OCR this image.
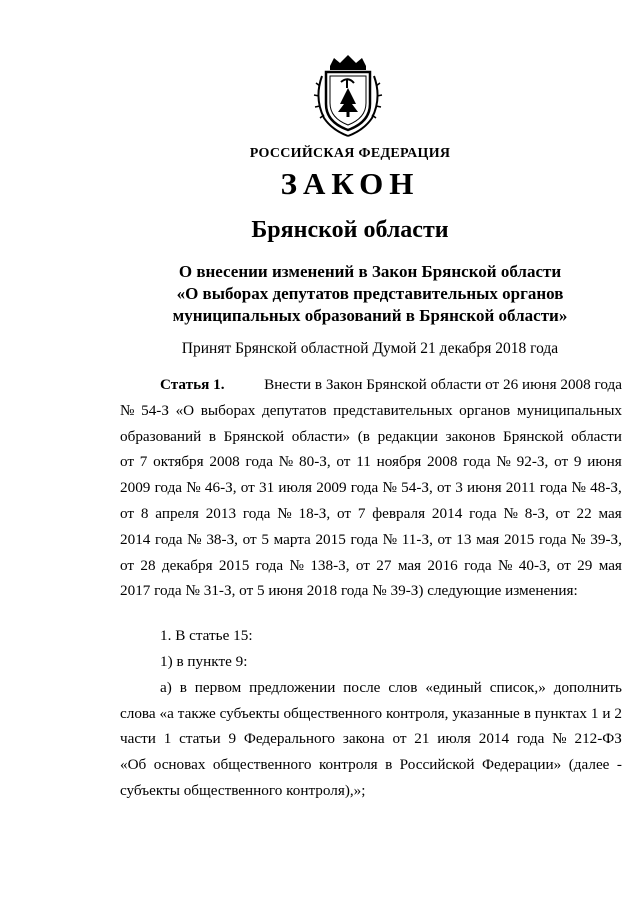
РОССИЙСКАЯ ФЕДЕРАЦИЯ
ЗАКОН
Брянской области
О внесении изменений в Закон Брянской области
«О выборах депутатов представительных органов
муниципальных образований в Брянской области»
Принят Брянской областной Думой 21 декабря 2018 года
Статья 1.	Внести в Закон Брянской области от 26 июня 2008 года
№ 54-З «О выборах депутатов представительных органов муниципальных
образований в Брянской области» (в редакции законов Брянской области
от 7 октября 2008 года № 80-З, от 11 ноября 2008 года № 92-З, от 9 июня
2009 года № 46-З, от 31 июля 2009 года № 54-З, от 3 июня 2011 года № 48-З,
от 8 апреля 2013 года № 18-З, от 7 февраля 2014 года № 8-З, от 22 мая
2014 года № 38-З, от 5 марта 2015 года № 11-З, от 13 мая 2015 года № 39-З,
от 28 декабря 2015 года № 138-З, от 27 мая 2016 года № 40-З, от 29 мая
2017 года № 31-З, от 5 июня 2018 года № 39-З) следующие изменения:
1. В статье 15:
1) в пункте 9:
а) в первом предложении после слов «единый список,» дополнить
слова «а также субъекты общественного контроля, указанные в пунктах 1 и 2
части 1 статьи 9 Федерального закона от 21 июля 2014 года № 212-ФЗ
«Об основах общественного контроля в Российской Федерации» (далее -
субъекты общественного контроля),»;
